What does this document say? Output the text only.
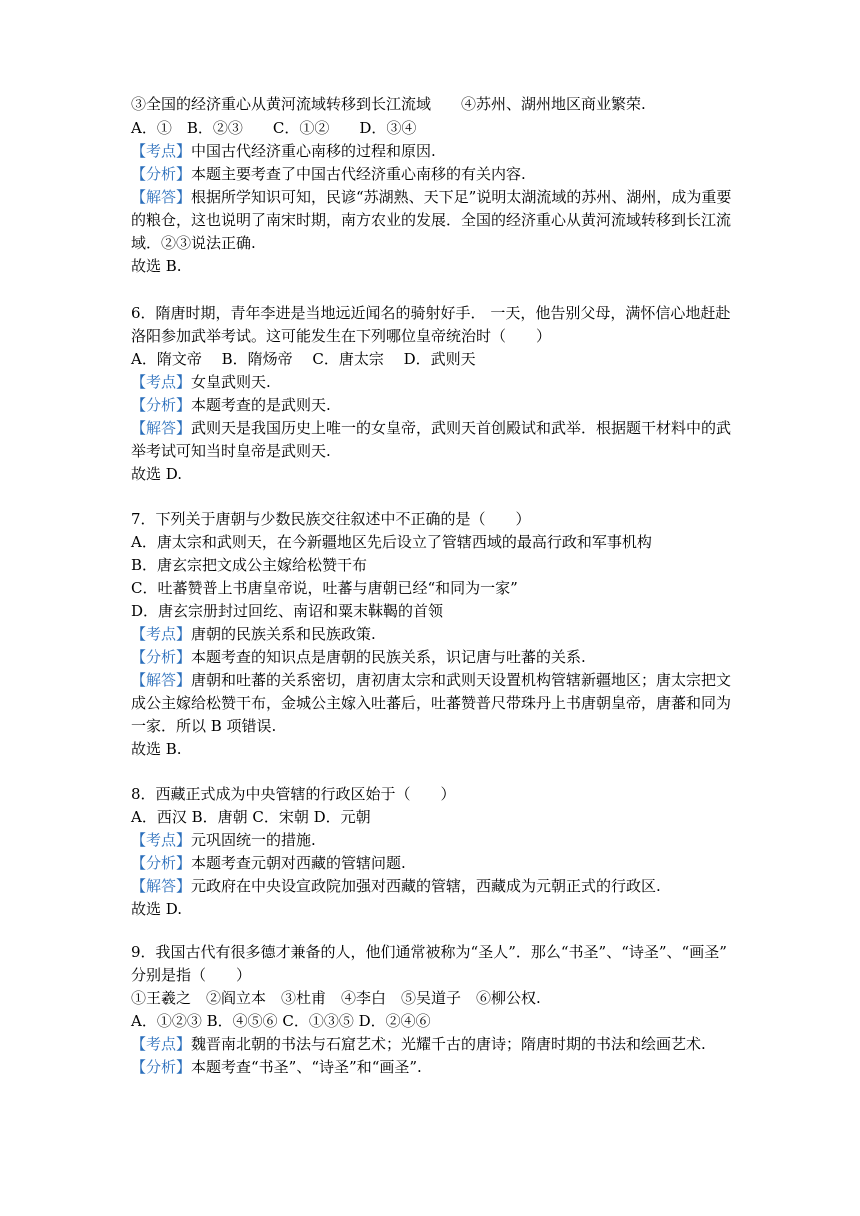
③全国的经济重心从黄河流域转移到长江流域　　④苏州、湖州地区商业繁荣.
A．①　B．②③　　C．①②　　D．③④
【考点】中国古代经济重心南移的过程和原因.
【分析】本题主要考查了中国古代经济重心南移的有关内容.
【解答】根据所学知识可知，民谚“苏湖熟、天下足”说明太湖流域的苏州、湖州，成为重要
的粮仓，这也说明了南宋时期，南方农业的发展．全国的经济重心从黄河流域转移到长江流
域．②③说法正确.
故选 B.
6．隋唐时期，青年李进是当地远近闻名的骑射好手． 一天，他告别父母，满怀信心地赶赴
洛阳参加武举考试。这可能发生在下列哪位皇帝统治时（　　）
A．隋文帝　 B．隋炀帝　 C．唐太宗　 D．武则天
【考点】女皇武则天.
【分析】本题考查的是武则天.
【解答】武则天是我国历史上唯一的女皇帝，武则天首创殿试和武举．根据题干材料中的武
举考试可知当时皇帝是武则天.
故选 D.
7．下列关于唐朝与少数民族交往叙述中不正确的是（　　）
A．唐太宗和武则天，在今新疆地区先后设立了管辖西域的最高行政和军事机构
B．唐玄宗把文成公主嫁给松赞干布
C．吐蕃赞普上书唐皇帝说，吐蕃与唐朝已经“和同为一家”
D．唐玄宗册封过回纥、南诏和粟末靺鞨的首领
【考点】唐朝的民族关系和民族政策.
【分析】本题考查的知识点是唐朝的民族关系，识记唐与吐蕃的关系.
【解答】唐朝和吐蕃的关系密切，唐初唐太宗和武则天设置机构管辖新疆地区；唐太宗把文
成公主嫁给松赞干布，金城公主嫁入吐蕃后，吐蕃赞普尺带珠丹上书唐朝皇帝，唐蕃和同为
一家．所以 B 项错误.
故选 B.
8．西藏正式成为中央管辖的行政区始于（　　）
A．西汉 B．唐朝 C．宋朝 D．元朝
【考点】元巩固统一的措施.
【分析】本题考查元朝对西藏的管辖问题.
【解答】元政府在中央设宣政院加强对西藏的管辖，西藏成为元朝正式的行政区.
故选 D.
9．我国古代有很多德才兼备的人，他们通常被称为“圣人”．那么“书圣”、“诗圣”、“画圣”
分别是指（　　）
①王羲之　②阎立本　③杜甫　④李白　⑤吴道子　⑥柳公权.
A．①②③ B．④⑤⑥ C．①③⑤ D．②④⑥
【考点】魏晋南北朝的书法与石窟艺术；光耀千古的唐诗；隋唐时期的书法和绘画艺术.
【分析】本题考查“书圣”、“诗圣”和“画圣”.
